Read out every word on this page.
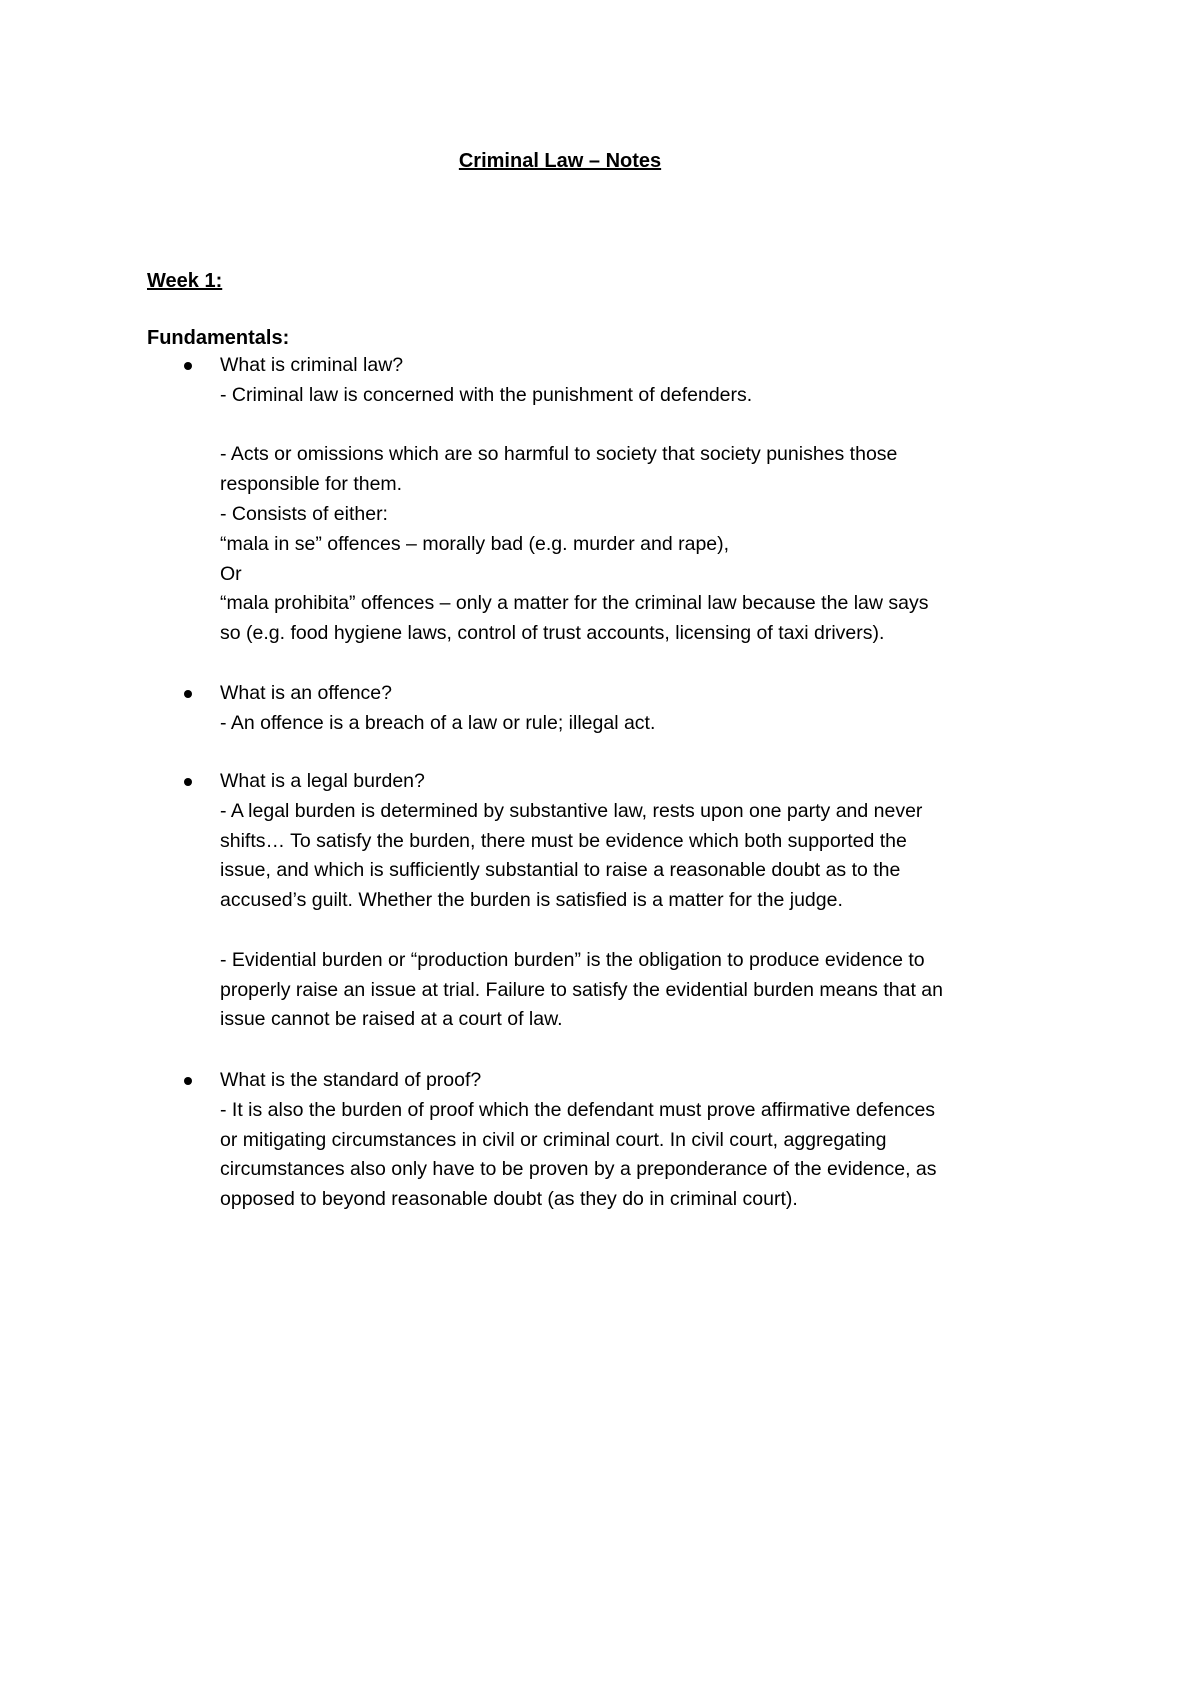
Criminal Law – Notes
Week 1:
Fundamentals:
What is criminal law?
- Criminal law is concerned with the punishment of defenders.
- Acts or omissions which are so harmful to society that society punishes those
responsible for them.
- Consists of either:
“mala in se” offences – morally bad (e.g. murder and rape),
Or
“mala prohibita” offences – only a matter for the criminal law because the law says
so (e.g. food hygiene laws, control of trust accounts, licensing of taxi drivers).
What is an offence?
- An offence is a breach of a law or rule; illegal act.
What is a legal burden?
- A legal burden is determined by substantive law, rests upon one party and never
shifts… To satisfy the burden, there must be evidence which both supported the
issue, and which is sufficiently substantial to raise a reasonable doubt as to the
accused’s guilt. Whether the burden is satisfied is a matter for the judge.
- Evidential burden or “production burden” is the obligation to produce evidence to
properly raise an issue at trial. Failure to satisfy the evidential burden means that an
issue cannot be raised at a court of law.
What is the standard of proof?
- It is also the burden of proof which the defendant must prove affirmative defences
or mitigating circumstances in civil or criminal court. In civil court, aggregating
circumstances also only have to be proven by a preponderance of the evidence, as
opposed to beyond reasonable doubt (as they do in criminal court).
